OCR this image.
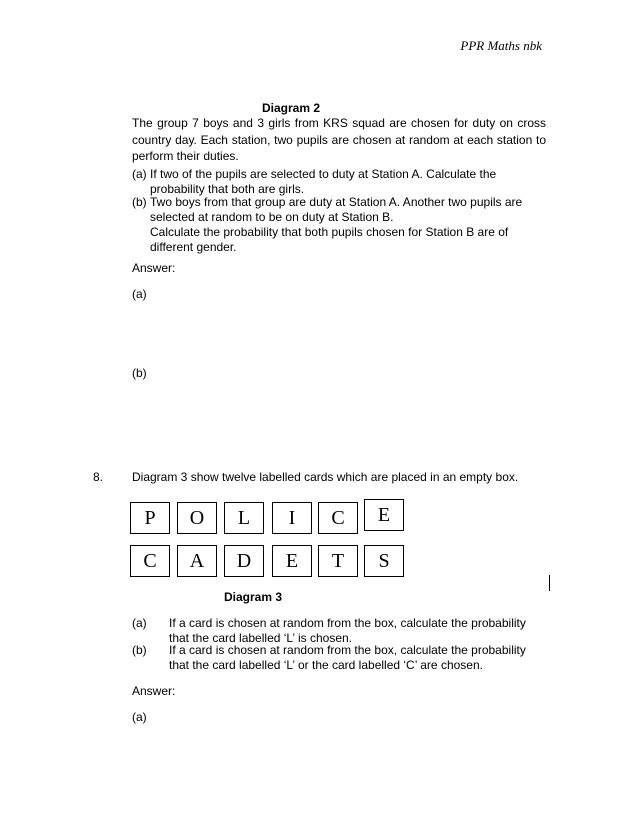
PPR Maths nbk
Diagram 2
The group 7 boys and 3 girls from KRS squad are chosen for duty on cross country day. Each station, two pupils are chosen at random at each station to perform their duties.
(a) If two of the pupils are selected to duty at Station A. Calculate the probability that both are girls.
(b) Two boys from that group are duty at Station A. Another two pupils are selected at random to be on duty at Station B.
Calculate the probability that both pupils chosen for Station B are of different gender.
Answer:
(a)
(b)
8. Diagram 3 show twelve labelled cards which are placed in an empty box.
P O L I C E
C A D E T S
Diagram 3
(a) If a card is chosen at random from the box, calculate the probability that the card labelled ‘L’ is chosen.
(b) If a card is chosen at random from the box, calculate the probability that the card labelled ‘L’ or the card labelled ‘C’ are chosen.
Answer:
(a)
